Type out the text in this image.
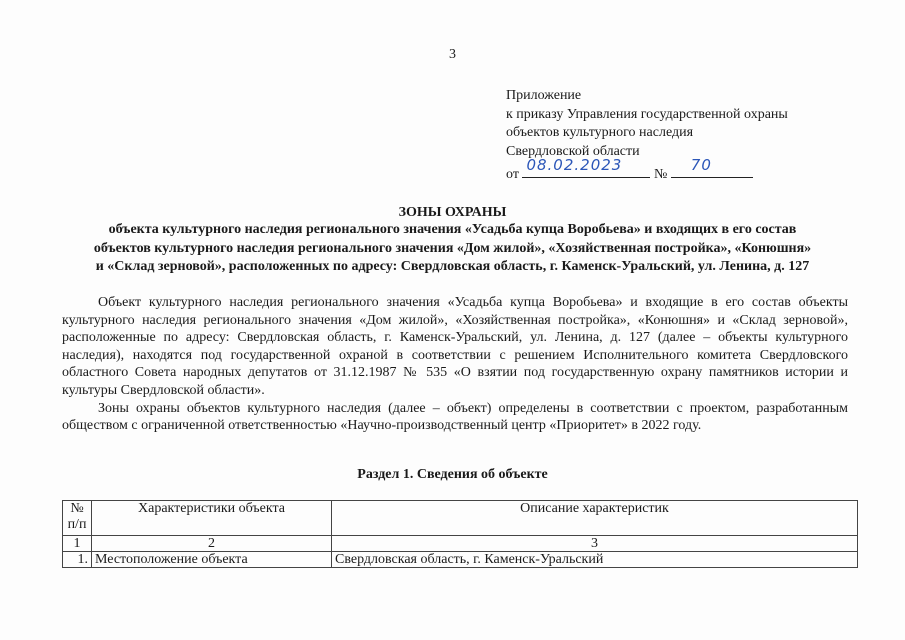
3
Приложение
к приказу Управления государственной охраны
объектов культурного наследия
Свердловской области
от
08.02.2023
№
70
ЗОНЫ ОХРАНЫ
объекта культурного наследия регионального значения «Усадьба купца Воробьева» и входящих в его состав
объектов культурного наследия регионального значения «Дом жилой», «Хозяйственная постройка», «Конюшня»
и «Склад зерновой», расположенных по адресу: Свердловская область, г. Каменск-Уральский, ул. Ленина, д. 127

Объект культурного наследия регионального значения «Усадьба купца Воробьева» и входящие в его состав объекты культурного наследия регионального значения «Дом жилой», «Хозяйственная постройка», «Конюшня» и «Склад зерновой», расположенные по адресу: Свердловская область, г. Каменск-Уральский, ул. Ленина, д. 127 (далее – объекты культурного наследия), находятся под государственной охраной в соответствии с решением Исполнительного комитета Свердловского областного Совета народных депутатов от 31.12.1987 № 535 «О взятии под государственную охрану памятников истории и культуры Свердловской области».

Зоны охраны объектов культурного наследия (далее – объект) определены в соответствии с проектом, разработанным обществом с ограниченной ответственностью «Научно-производственный центр «Приоритет» в 2022 году.

Раздел 1. Сведения об объекте
№ п/п	Характеристики объекта	Описание характеристик
1	2	3
1.	Местоположение объекта	Свердловская область, г. Каменск-Уральский
